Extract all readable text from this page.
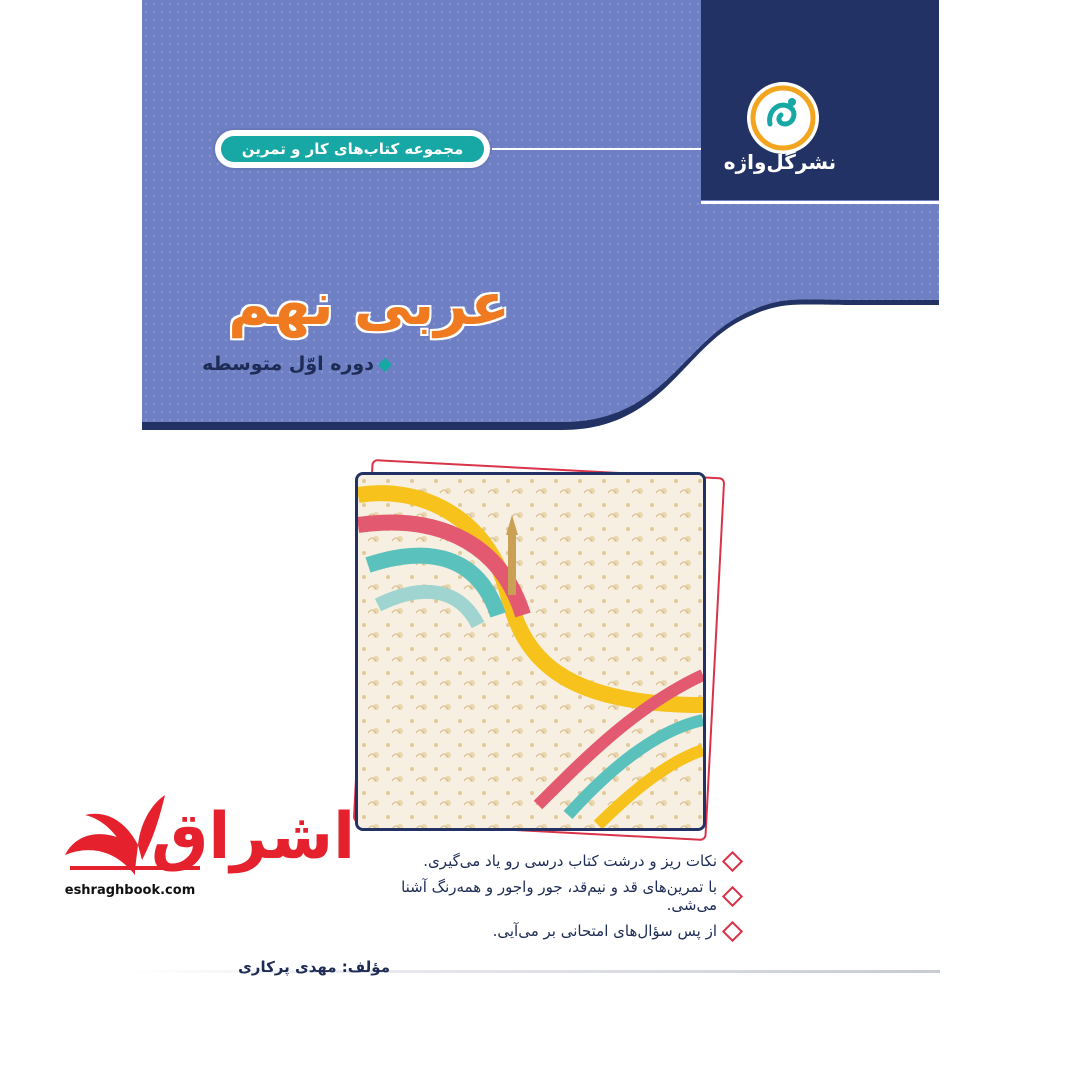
نشرگل‌واژه
مجموعه کتاب‌های کار و تمرین
عربی نهم
دوره اوّل متوسطه
نکات ریز و درشت کتاب درسی رو یاد می‌گیری.
با تمرین‌های قد و نیم‌قد، جور واجور و همه‌رنگ آشنا می‌شی.
از پس سؤال‌های امتحانی بر می‌آیی.
مؤلف: مهدی پرکاری
اشراق
eshraghbook.com
